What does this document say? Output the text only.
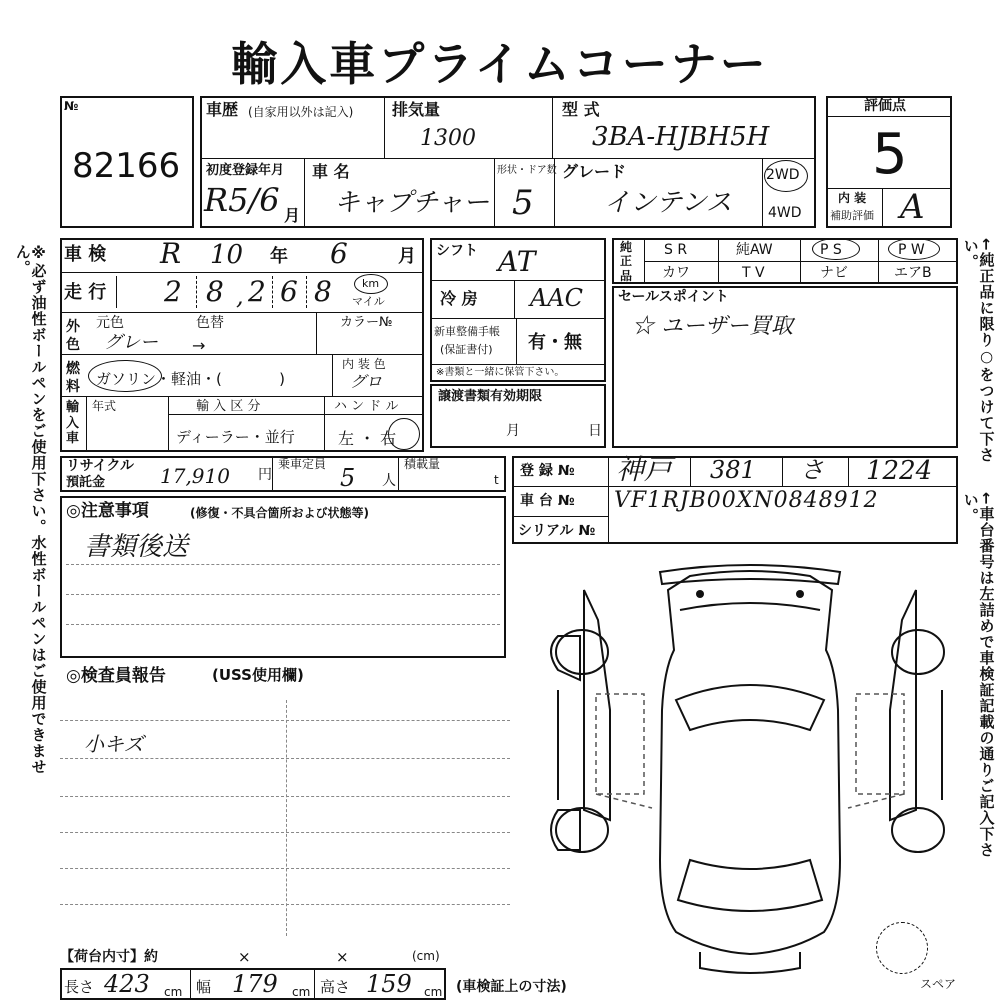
輸入車プライムコーナー
※必ず油性ボールペンをご使用下さい。水性ボールペンはご使用できません。	←純正品に限り○をつけて下さい。
←車台番号は左詰めで車検証記載の通りご記入下さい。
№
82166
車歴 (自家用以外は記入) 排気量
1300
型 式
3BA-HJBH5H
初度登録年月
R5/6 月
車 名
キャプチャー
形状・ドア数
5
グレード
インテンス
2WD
4WD
評価点
5
内 装
補助評価 A
車 検 R 10 年 6	月
走 行 2 8 , 2 6 8	km
マイル
外色
元色	色替	カラー№
グレー →
燃料 ガソリン・軽油・(            )
内 装 色
グロ
輸入車
年式	輸 入 区 分
ディーラー・並行
ハ ン ド ル
左 ・ 右
シフト AT
冷 房 AAC
新車整備手帳
(保証書付) 有・無
※書類と一緒に保管下さい。
譲渡書類有効期限
月	日
純正品
S R	純AW	P S	P W
カワ	T V	ナビ	エアB
セールスポイント
☆ ユーザー買取
リサイクル
預託金	17,910 円
乗車定員 5 人
積載量
t
登 録 № 神戸 381 さ 1224
車 台 № VF1RJB00XN0848912
シリアル №
◎注意事項	(修復・不具合箇所および状態等)
書類後送
◎検査員報告	(USS使用欄)
小キズ
【荷台内寸】約	×	×	(cm)
長さ 423 cm 幅 179 cm 高さ 159 cm (車検証上の寸法)	スペア
